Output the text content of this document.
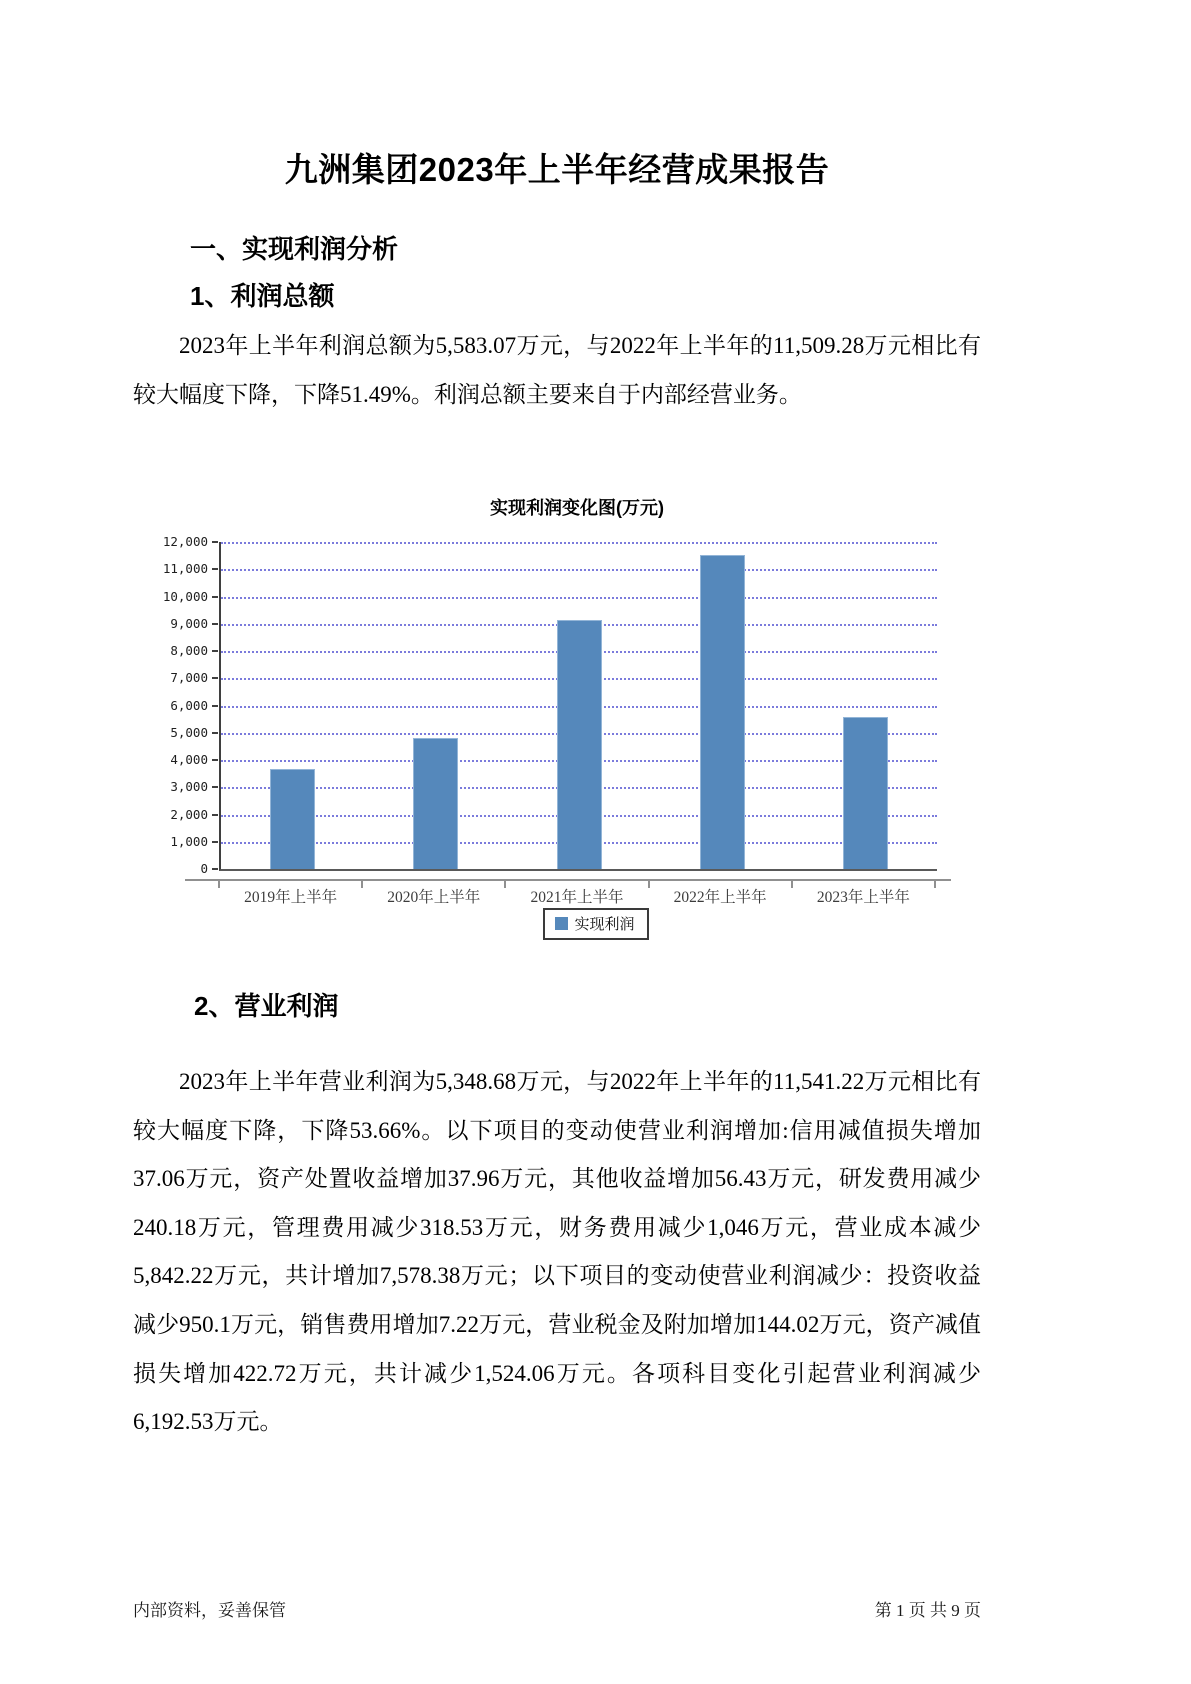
九洲集团2023年上半年经营成果报告
一、实现利润分析
1、利润总额

2023年上半年利润总额为5,583.07万元，与2022年上半年的11,509.28万元相比有较大幅度下降，下降51.49%。利润总额主要来自于内部经营业务。

实现利润变化图(万元)
实现利润
0
1,000
2,000
3,000
4,000
5,000
6,000
7,000
8,000
9,000
10,000
11,000
12,000
2019年上半年	2020年上半年	2021年上半年	2022年上半年	2023年上半年
2、营业利润

2023年上半年营业利润为5,348.68万元，与2022年上半年的11,541.22万元相比有较大幅度下降，下降53.66%。以下项目的变动使营业利润增加:信用减值损失增加37.06万元，资产处置收益增加37.96万元，其他收益增加56.43万元，研发费用减少240.18万元，管理费用减少318.53万元，财务费用减少1,046万元，营业成本减少5,842.22万元，共计增加7,578.38万元；以下项目的变动使营业利润减少：投资收益减少950.1万元，销售费用增加7.22万元，营业税金及附加增加144.02万元，资产减值损失增加422.72万元，共计减少1,524.06万元。各项科目变化引起营业利润减少6,192.53万元。

内部资料，妥善保管	第 1 页 共 9 页
